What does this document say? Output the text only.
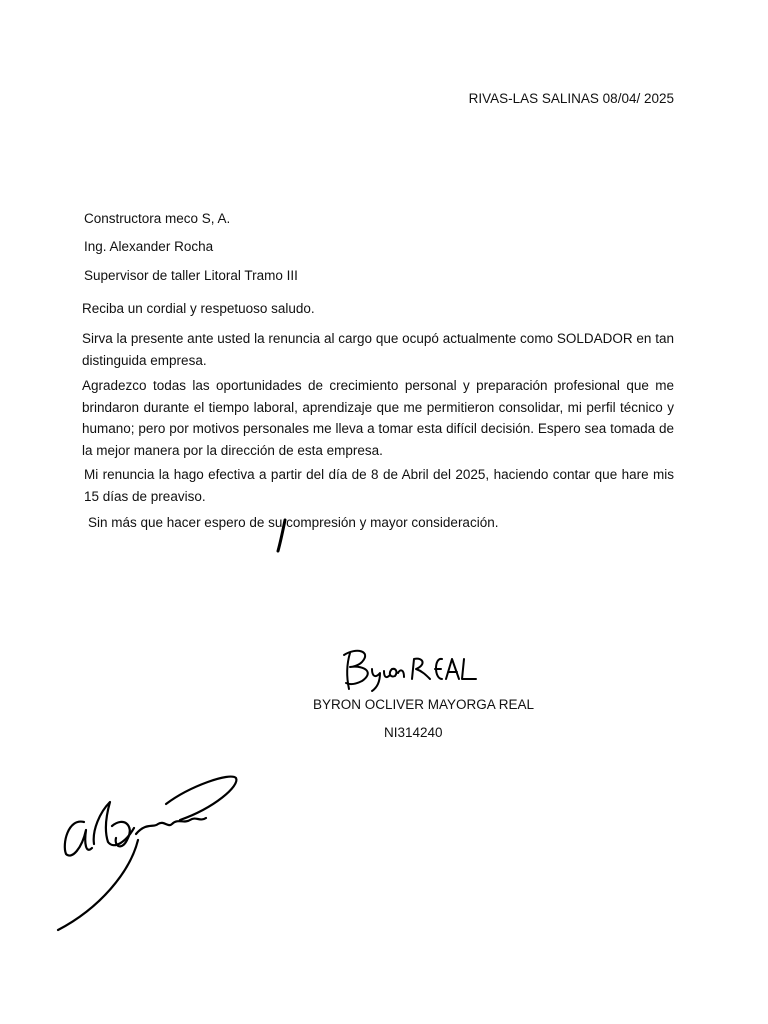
RIVAS-LAS SALINAS 08/04/ 2025
Constructora meco S, A.
Ing. Alexander Rocha
Supervisor de taller Litoral Tramo III
Reciba un cordial y respetuoso saludo.
Sirva la presente ante usted la renuncia al cargo que ocupó actualmente como SOLDADOR en tan distinguida empresa.
Agradezco todas las oportunidades de crecimiento personal y preparación profesional que me brindaron durante el tiempo laboral, aprendizaje que me permitieron consolidar, mi perfil técnico y humano; pero por motivos personales me lleva a tomar esta difícil decisión. Espero sea tomada de la mejor manera por la dirección de esta empresa.
Mi renuncia la hago efectiva a partir del día de 8 de Abril del 2025, haciendo contar que hare mis 15 días de preaviso.
Sin más que hacer espero de su compresión y mayor consideración.
BYRON OCLIVER MAYORGA REAL
NI314240
